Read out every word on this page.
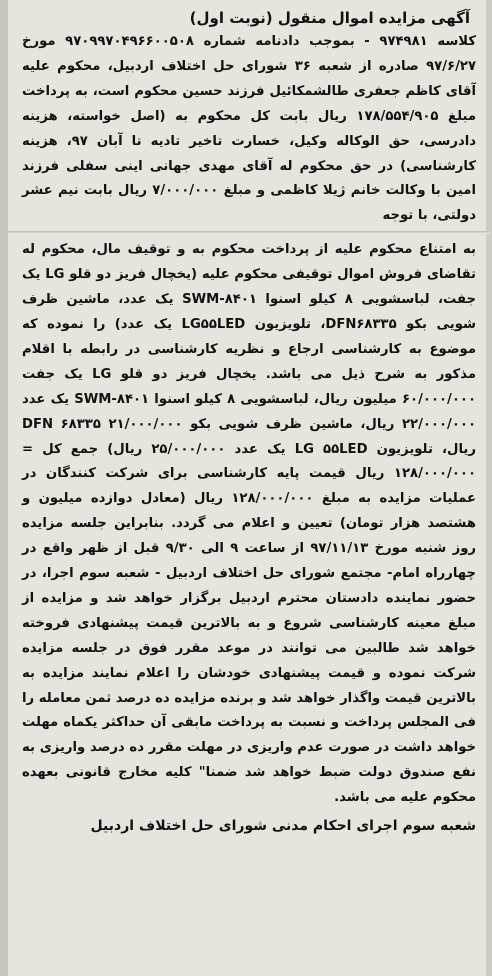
آگهی مزایده اموال منقول (نوبت اول)

کلاسه ۹۷۴۹۸۱ - بموجب دادنامه شماره ۹۷۰۹۹۷۰۴۹۶۶۰۰۵۰۸ مورخ ۹۷/۶/۲۷ صادره از شعبه ۳۶ شورای حل اختلاف اردبیل، محکوم علیه آقای کاظم جعفری طالشمکائیل فرزند حسین محکوم است، به پرداخت مبلغ ۱۷۸/۵۵۴/۹۰۵ ریال بابت کل محکوم به (اصل خواسته، هزینه دادرسی، حق الوکاله وکیل، خسارت تاخیر تادیه تا آبان ۹۷، هزینه کارشناسی) در حق محکوم له آقای مهدی جهانی اینی سفلی فرزند امین با وکالت خانم ژیلا کاظمی و مبلغ ۷/۰۰۰/۰۰۰ ریال بابت نیم عشر دولتی، با توجه

به امتناع محکوم علیه از پرداخت محکوم به و توقیف مال، محکوم له تقاضای فروش اموال توقیفی محکوم علیه (یخچال فریز دو قلو LG یک جفت، لباسشویی ۸ کیلو اسنوا SWM-۸۴۰۱ یک عدد، ماشین ظرف شویی بکو DFN۶۸۳۳۵، تلویزیون LG۵۵LED یک عدد) را نموده که موضوع به کارشناسی ارجاع و نظریه کارشناسی در رابطه با اقلام مذکور به شرح ذیل می باشد. یخچال فریز دو قلو LG یک جفت ۶۰/۰۰۰/۰۰۰ میلیون ریال، لباسشویی ۸ کیلو اسنوا SWM-۸۴۰۱ یک عدد ۲۲/۰۰۰/۰۰۰ ریال، ماشین ظرف شویی بکو DFN ۶۸۳۳۵ ۲۱/۰۰۰/۰۰۰ ریال، تلویزیون LG ۵۵LED یک عدد ۲۵/۰۰۰/۰۰۰ ریال) جمع کل = ۱۲۸/۰۰۰/۰۰۰ ریال قیمت پایه کارشناسی برای شرکت کنندگان در عملیات مزایده به مبلغ ۱۲۸/۰۰۰/۰۰۰ ریال (معادل دوازده میلیون و هشتصد هزار تومان) تعیین و اعلام می گردد. بنابراین جلسه مزایده روز شنبه مورخ ۹۷/۱۱/۱۳ از ساعت ۹ الی ۹/۳۰ قبل از ظهر واقع در چهارراه امام- مجتمع شورای حل اختلاف اردبیل - شعبه سوم اجرا، در حضور نماینده دادستان محترم اردبیل برگزار خواهد شد و مزایده از مبلغ معینه کارشناسی شروع و به بالاترین قیمت پیشنهادی فروخته خواهد شد طالبین می توانند در موعد مقرر فوق در جلسه مزایده شرکت نموده و قیمت پیشنهادی خودشان را اعلام نمایند مزایده به بالاترین قیمت واگذار خواهد شد و برنده مزایده ده درصد ثمن معامله را فی المجلس پرداخت و نسبت به پرداخت مابقی آن حداکثر یکماه مهلت خواهد داشت در صورت عدم واریزی در مهلت مقرر ده درصد واریزی به نفع صندوق دولت ضبط خواهد شد ضمنا" کلیه مخارج قانونی بعهده محکوم علیه می باشد.

شعبه سوم اجرای احکام مدنی شورای حل اختلاف اردبیل
